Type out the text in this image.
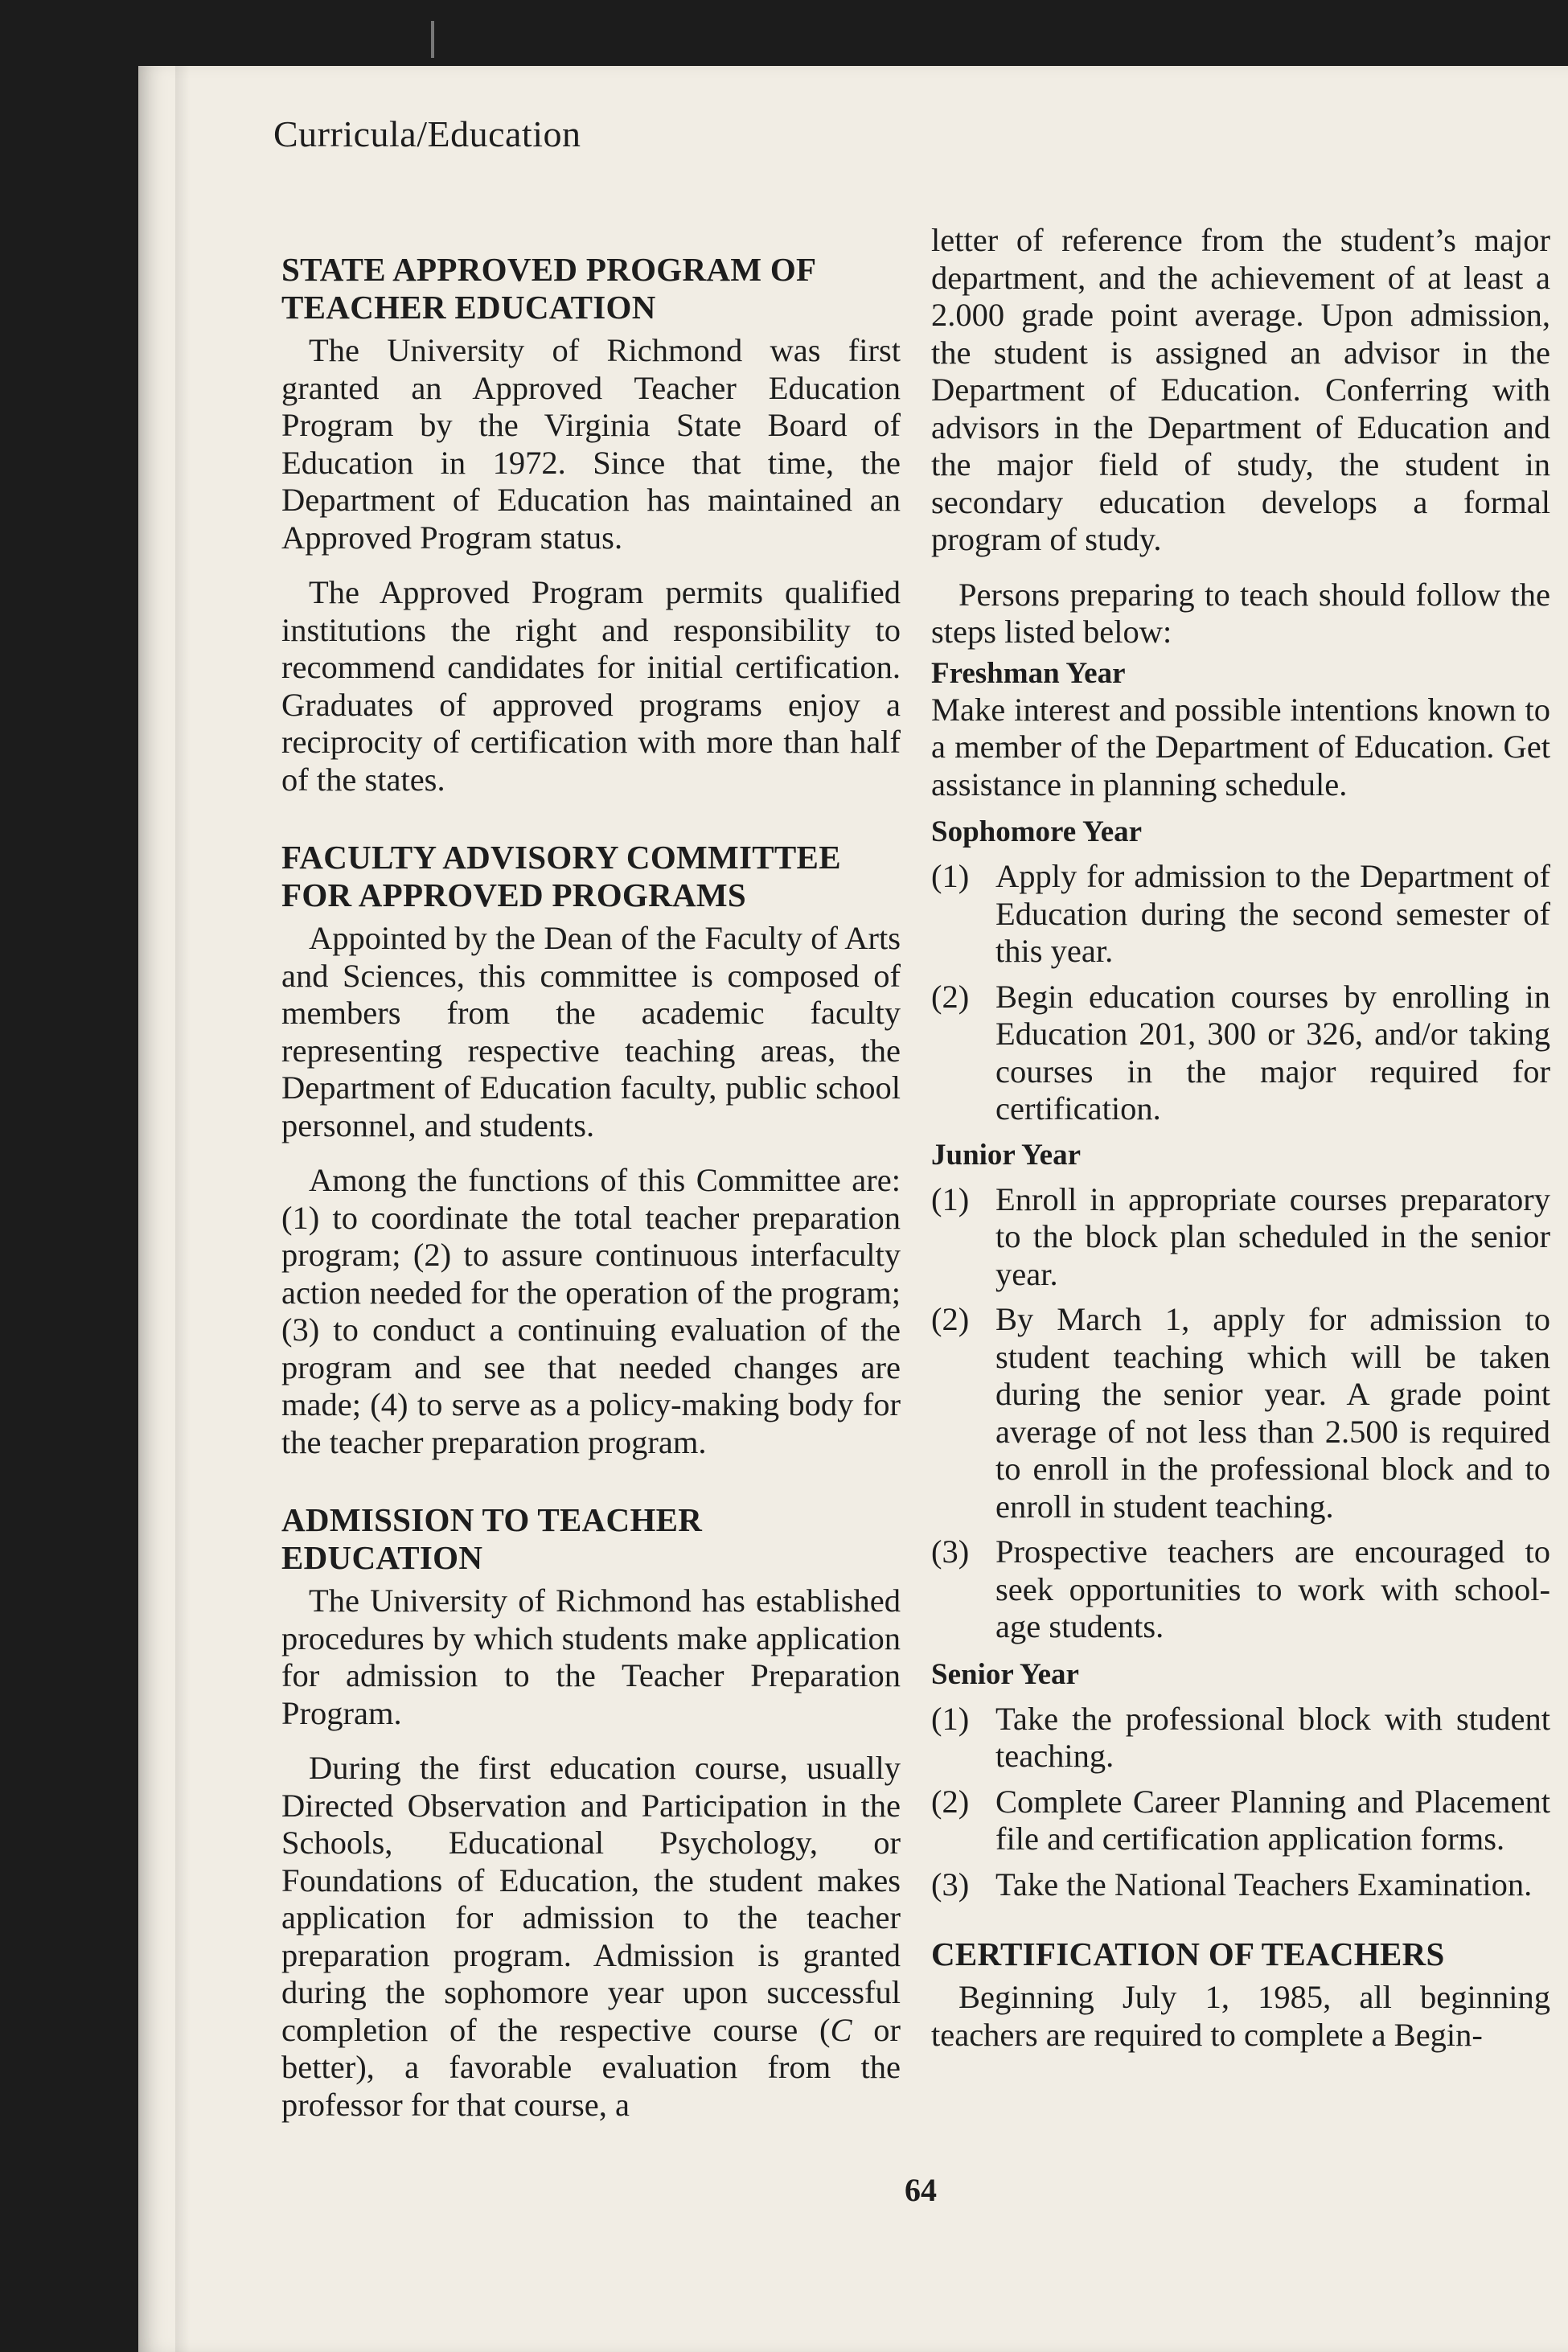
Curricula/Education
STATE APPROVED PROGRAM OF TEACHER EDUCATION

The University of Richmond was first granted an Approved Teacher Education Program by the Virginia State Board of Education in 1972. Since that time, the Department of Education has maintained an Approved Program status.

The Approved Program permits qualified institutions the right and responsibility to recommend candidates for initial certification. Graduates of approved programs enjoy a reciprocity of certification with more than half of the states.

FACULTY ADVISORY COMMITTEE FOR APPROVED PROGRAMS

Appointed by the Dean of the Faculty of Arts and Sciences, this committee is composed of members from the academic faculty representing respective teaching areas, the Department of Education faculty, public school personnel, and students.

Among the functions of this Committee are: (1) to coordinate the total teacher preparation program; (2) to assure continuous interfaculty action needed for the operation of the program; (3) to conduct a continuing evaluation of the program and see that needed changes are made; (4) to serve as a policy-making body for the teacher preparation program.

ADMISSION TO TEACHER EDUCATION

The University of Richmond has established procedures by which students make application for admission to the Teacher Preparation Program.

During the first education course, usually Directed Observation and Participation in the Schools, Educational Psychology, or Foundations of Education, the student makes application for admission to the teacher preparation program. Admission is granted during the sophomore year upon successful completion of the respective course (C or better), a favorable evaluation from the professor for that course, a

letter of reference from the student’s major department, and the achievement of at least a 2.000 grade point average. Upon admission, the student is assigned an advisor in the Department of Education. Conferring with advisors in the Department of Education and the major field of study, the student in secondary education develops a formal program of study.

Persons preparing to teach should follow the steps listed below:

Freshman Year

Make interest and possible intentions known to a member of the Department of Education. Get assistance in planning schedule.

Sophomore Year
(1) Apply for admission to the Department of Education during the second semester of this year.
(2) Begin education courses by enrolling in Education 201, 300 or 326, and/or taking courses in the major required for certification.
Junior Year
(1) Enroll in appropriate courses preparatory to the block plan scheduled in the senior year.
(2) By March 1, apply for admission to student teaching which will be taken during the senior year. A grade point average of not less than 2.500 is required to enroll in the professional block and to enroll in student teaching.
(3) Prospective teachers are encouraged to seek opportunities to work with school-age students.
Senior Year
(1) Take the professional block with student teaching.
(2) Complete Career Planning and Placement file and certification application forms.
(3) Take the National Teachers Examination.
CERTIFICATION OF TEACHERS

Beginning July 1, 1985, all beginning teachers are required to complete a Begin-

64
